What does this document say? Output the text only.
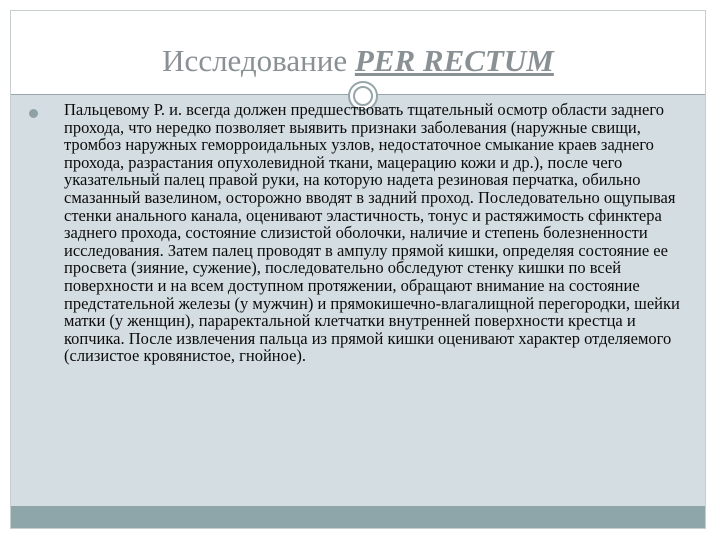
Исследование PER RECTUM

Пальцевому Р. и. всегда должен предшествовать тщательный осмотр области заднего прохода, что нередко позволяет выявить признаки заболевания (наружные свищи, тромбоз наружных геморроидальных узлов, недостаточное смыкание краев заднего прохода, разрастания опухолевидной ткани, мацерацию кожи и др.), после чего указательный палец правой руки, на которую надета резиновая перчатка, обильно смазанный вазелином, осторожно вводят в задний проход. Последовательно ощупывая стенки анального канала, оценивают эластичность, тонус и растяжимость сфинктера заднего прохода, состояние слизистой оболочки, наличие и степень болезненности исследования. Затем палец проводят в ампулу прямой кишки, определяя состояние ее просвета (зияние, сужение), последовательно обследуют стенку кишки по всей поверхности и на всем доступном протяжении, обращают внимание на состояние предстательной железы (у мужчин) и прямокишечно-влагалищной перегородки, шейки матки (у женщин), параректальной клетчатки внутренней поверхности крестца и копчика. После извлечения пальца из прямой кишки оценивают характер отделяемого (слизистое кровянистое, гнойное).
